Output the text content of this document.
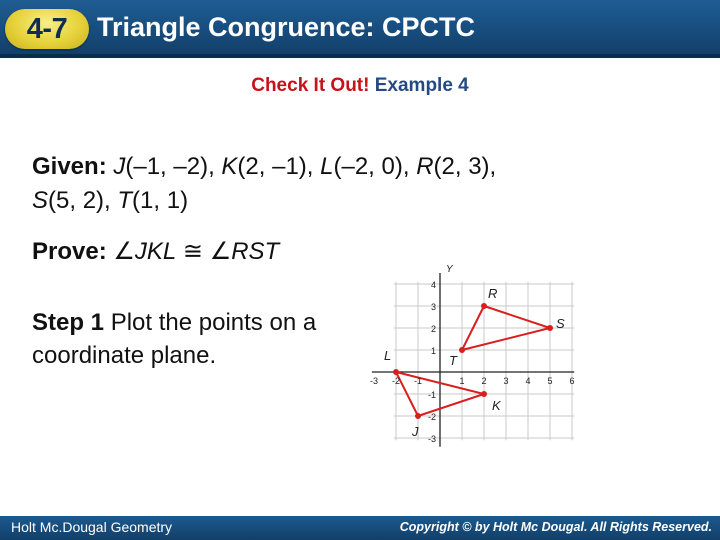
4-7	Triangle Congruence: CPCTC
Check It Out! Example 4
Given: J(–1, –2), K(2, –1), L(–2, 0), R(2, 3),
S(5, 2), T(1, 1)
Prove: ∠JKL ≅ ∠RST
Step 1 Plot the points on a coordinate plane.
-3 -2 -1	1 2 3 4 5 6
4
3
2
1
-1
-2
-3
Y
J
K
L
R
S
T
Holt Mc.Dougal Geometry	Copyright © by Holt Mc Dougal. All Rights Reserved.
